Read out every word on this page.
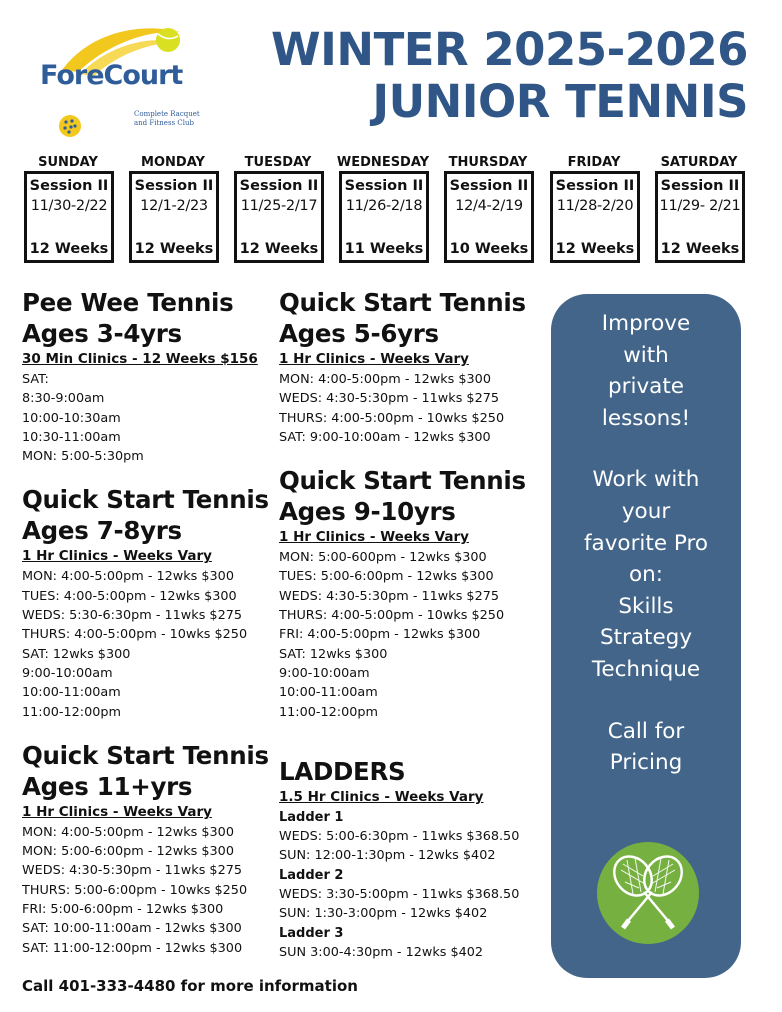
ForeCourt
Complete Racquet
and Fitness Club
WINTER 2025-2026
JUNIOR TENNIS
SUNDAY
Session II
11/30-2/22
12 Weeks
MONDAY
Session II
12/1-2/23
12 Weeks
TUESDAY
Session II
11/25-2/17
12 Weeks
WEDNESDAY
Session II
11/26-2/18
11 Weeks
THURSDAY
Session II
12/4-2/19
10 Weeks
FRIDAY
Session II
11/28-2/20
12 Weeks
SATURDAY
Session II
11/29- 2/21
12 Weeks
Pee Wee Tennis
Ages 3-4yrs
30 Min Clinics - 12 Weeks $156
SAT:
8:30-9:00am
10:00-10:30am
10:30-11:00am
MON: 5:00-5:30pm
Quick Start Tennis
Ages 7-8yrs
1 Hr Clinics - Weeks Vary
MON: 4:00-5:00pm - 12wks $300
TUES: 4:00-5:00pm - 12wks $300
WEDS: 5:30-6:30pm - 11wks $275
THURS: 4:00-5:00pm - 10wks $250
SAT: 12wks $300
9:00-10:00am
10:00-11:00am
11:00-12:00pm
Quick Start Tennis
Ages 11+yrs
1 Hr Clinics - Weeks Vary
MON: 4:00-5:00pm - 12wks $300
MON: 5:00-6:00pm - 12wks $300
WEDS: 4:30-5:30pm - 11wks $275
THURS: 5:00-6:00pm - 10wks $250
FRI: 5:00-6:00pm - 12wks $300
SAT: 10:00-11:00am - 12wks $300
SAT: 11:00-12:00pm - 12wks $300
Quick Start Tennis
Ages 5-6yrs
1 Hr Clinics - Weeks Vary
MON: 4:00-5:00pm - 12wks $300
WEDS: 4:30-5:30pm - 11wks $275
THURS: 4:00-5:00pm - 10wks $250
SAT: 9:00-10:00am - 12wks $300
Quick Start Tennis
Ages 9-10yrs
1 Hr Clinics - Weeks Vary
MON: 5:00-600pm - 12wks $300
TUES: 5:00-6:00pm - 12wks $300
WEDS: 4:30-5:30pm - 11wks $275
THURS: 4:00-5:00pm - 10wks $250
FRI: 4:00-5:00pm - 12wks $300
SAT: 12wks $300
9:00-10:00am
10:00-11:00am
11:00-12:00pm
LADDERS
1.5 Hr Clinics - Weeks Vary
Ladder 1
WEDS: 5:00-6:30pm - 11wks $368.50
SUN: 12:00-1:30pm - 12wks $402
Ladder 2
WEDS: 3:30-5:00pm - 11wks $368.50
SUN: 1:30-3:00pm - 12wks $402
Ladder 3
SUN 3:00-4:30pm - 12wks $402
Improve
with
private
lessons!
Work with
your
favorite Pro
on:
Skills
Strategy
Technique
Call for
Pricing
Call 401-333-4480 for more information
